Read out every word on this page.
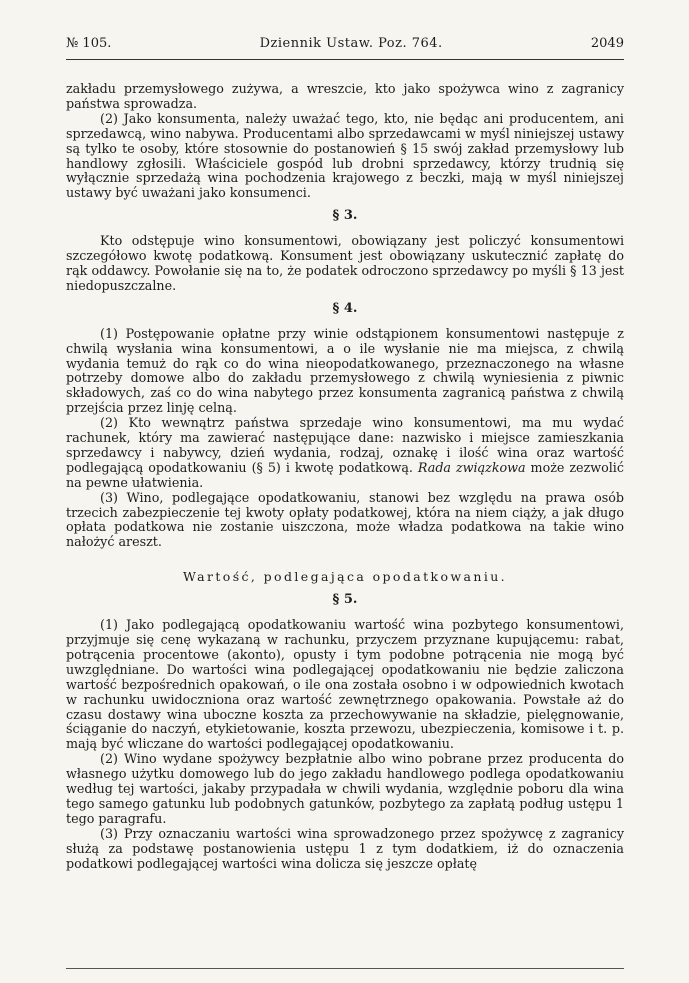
№ 105.	Dziennik Ustaw. Poz. 764.	2049

zakładu przemysłowego zużywa, a wreszcie, kto jako spożywca wino z zagranicy państwa sprowadza.

(2) Jako konsumenta, należy uważać tego, kto, nie będąc ani producentem, ani sprzedawcą, wino nabywa. Producentami albo sprzedawcami w myśl niniejszej ustawy są tylko te osoby, które stosownie do postanowień § 15 swój zakład przemysłowy lub handlowy zgłosili. Właściciele gospód lub drobni sprzedawcy, którzy trudnią się wyłącznie sprzedażą wina pochodzenia krajowego z beczki, mają w myśl niniejszej ustawy być uważani jako konsumenci.

§ 3.

Kto odstępuje wino konsumentowi, obowiązany jest policzyć konsumentowi szczegółowo kwotę podatkową. Konsument jest obowiązany uskutecznić zapłatę do rąk oddawcy. Powołanie się na to, że podatek odroczono sprzedawcy po myśli § 13 jest niedopuszczalne.

§ 4.

(1) Postępowanie opłatne przy winie odstąpionem konsumentowi następuje z chwilą wysłania wina konsumentowi, a o ile wysłanie nie ma miejsca, z chwilą wydania temuż do rąk co do wina nieopodatkowanego, przeznaczonego na własne potrzeby domowe albo do zakładu przemysłowego z chwilą wyniesienia z piwnic składowych, zaś co do wina nabytego przez konsumenta zagranicą państwa z chwilą przejścia przez linję celną.

(2) Kto wewnątrz państwa sprzedaje wino konsumentowi, ma mu wydać rachunek, który ma zawierać następujące dane: nazwisko i miejsce zamieszkania sprzedawcy i nabywcy, dzień wydania, rodzaj, oznakę i ilość wina oraz wartość podlegającą opodatkowaniu (§ 5) i kwotę podatkową. Rada związkowa może zezwolić na pewne ułatwienia.

(3) Wino, podlegające opodatkowaniu, stanowi bez względu na prawa osób trzecich zabezpieczenie tej kwoty opłaty podatkowej, która na niem ciąży, a jak długo opłata podatkowa nie zostanie uiszczona, może władza podatkowa na takie wino nałożyć areszt.

Wartość, podlegająca opodatkowaniu.
§ 5.

(1) Jako podlegającą opodatkowaniu wartość wina pozbytego konsumentowi, przyjmuje się cenę wykazaną w rachunku, przyczem przyznane kupującemu: rabat, potrącenia procentowe (akonto), opusty i tym podobne potrącenia nie mogą być uwzględniane. Do wartości wina podlegającej opodatkowaniu nie będzie zaliczona wartość bezpośrednich opakowań, o ile ona została osobno i w odpowiednich kwotach w rachunku uwidoczniona oraz wartość zewnętrznego opakowania. Powstałe aż do czasu dostawy wina uboczne koszta za przechowywanie na składzie, pielęgnowanie, ściąganie do naczyń, etykietowanie, koszta przewozu, ubezpieczenia, komisowe i t. p. mają być wliczane do wartości podlegającej opodatkowaniu.

(2) Wino wydane spożywcy bezpłatnie albo wino pobrane przez producenta do własnego użytku domowego lub do jego zakładu handlowego podlega opodatkowaniu według tej wartości, jakaby przypadała w chwili wydania, względnie poboru dla wina tego samego gatunku lub podobnych gatunków, pozbytego za zapłatą podług ustępu 1 tego paragrafu.

(3) Przy oznaczaniu wartości wina sprowadzonego przez spożywcę z zagranicy służą za podstawę postanowienia ustępu 1 z tym dodatkiem, iż do oznaczenia podatkowi podlegającej wartości wina dolicza się jeszcze opłatę
